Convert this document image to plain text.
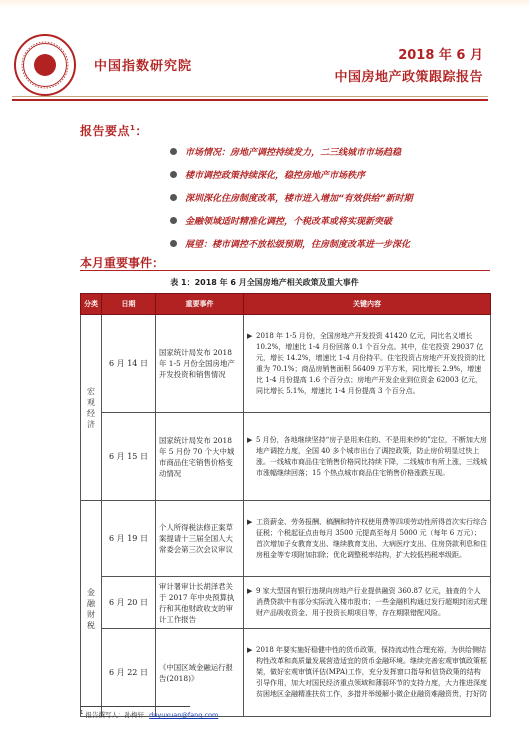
中国指数研究院
2018 年 6 月
中国房地产政策跟踪报告
报告要点$^1$：
市场情况：房地产调控持续发力，二三线城市市场趋稳
楼市调控政策持续深化，稳控房地产市场秩序
深圳深化住房制度改革，楼市进入增加“有效供给”新时期
金融领域适时精准化调控，个税改革或将实现新突破
展望：楼市调控不放松级预期，住房制度改革进一步深化
本月重要事件：
表 1：2018 年 6 月全国房地产相关政策及重大事件
分类	日期	重要事件	关键内容
宏观经济	6 月 14 日	国家统计局发布 2018 年 1-5 月份全国房地产开发投资和销售情况	▶ 2018 年 1-5 月份，全国房地产开发投资 41420 亿元，同比名义增长 10.2%，增速比 1-4 月份回落 0.1 个百分点。其中，住宅投资 29037 亿元，增长 14.2%，增速比 1-4 月份持平。住宅投资占房地产开发投资的比重为 70.1%；商品房销售面积 56409 万平方米，同比增长 2.9%，增速比 1-4 月份提高 1.6 个百分点；房地产开发企业到位资金 62003 亿元，同比增长 5.1%，增速比 1-4 月份提高 3 个百分点。

	6 月 15 日	国家统计局发布 2018 年 5 月份 70 个大中城市商品住宅销售价格变动情况	▶ 5 月份，各地继续坚持“房子是用来住的、不是用来炒的”定位，不断加大房地产调控力度，全国 40 多个城市出台了调控政策，防止房价明显过快上涨。一线城市商品住宅销售价格同比持续下降，二线城市有所上涨，三线城市涨幅继续回落；15 个热点城市商品住宅销售价格涨跌互现。

金融财税	6 月 19 日	个人所得税法修正案草案提请十三届全国人大常委会第三次会议审议	▶ 工资薪金、劳务报酬、稿酬和特许权使用费等四项劳动性所得首次实行综合征税；个税起征点由每月 3500 元提高至每月 5000 元（每年 6 万元）；首次增加子女教育支出、继续教育支出、大病医疗支出、住房贷款利息和住房租金等专项附加扣除；优化调整税率结构，扩大较低档税率级距。

	6 月 20 日	审计署审计长胡泽君关于 2017 年中央预算执行和其他财政收支的审计工作报告	▶ 9 家大型国有银行违规向房地产行业提供融资 360.87 亿元，抽查的个人消费贷款中有部分实际流入楼市股市；一些金融机构通过发行超期封闭式理财产品吸收资金、用于投资长期项目等，存在期限错配风险。

	6 月 22 日	《中国区域金融运行报告(2018)》	▶ 2018 年要实施好稳健中性的货币政策，保持流动性合理充裕，为供给侧结构性改革和高质量发展营造适宜的货币金融环境。继续完善宏观审慎政策框架，做好宏观审慎评估(MPA)工作，充分发挥窗口指导和信贷政策的结构引导作用，加大对国民经济重点领域和薄弱环节的支持力度，大力推进深度贫困地区金融精准扶贫工作，多措并举缓解小微企业融资难融资贵，打好防
$^1$ 报告撰写人：孙梅轩 duyuxuan@fang.com
